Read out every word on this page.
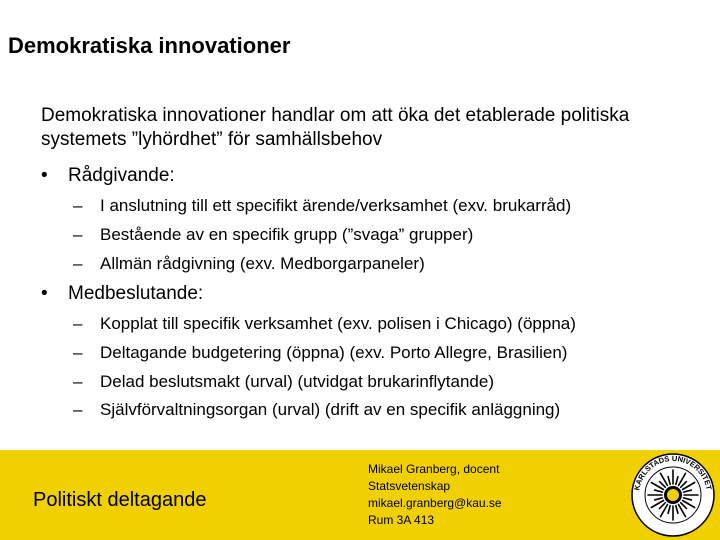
Demokratiska innovationer
Demokratiska innovationer handlar om att öka det etablerade politiska systemets ”lyhördhet” för samhällsbehov
• Rådgivande:
– I anslutning till ett specifikt ärende/verksamhet (exv. brukarråd)
– Bestående av en specifik grupp (”svaga” grupper)
– Allmän rådgivning (exv. Medborgarpaneler)
• Medbeslutande:
– Kopplat till specifik verksamhet (exv. polisen i Chicago) (öppna)
– Deltagande budgetering (öppna) (exv. Porto Allegre, Brasilien)
– Delad beslutsmakt (urval) (utvidgat brukarinflytande)
– Självförvaltningsorgan (urval) (drift av en specifik anläggning)
Politiskt deltagande
Mikael Granberg, docent
Statsvetenskap
mikael.granberg@kau.se
Rum 3A 413
KARLSTADS UNIVERSITET
